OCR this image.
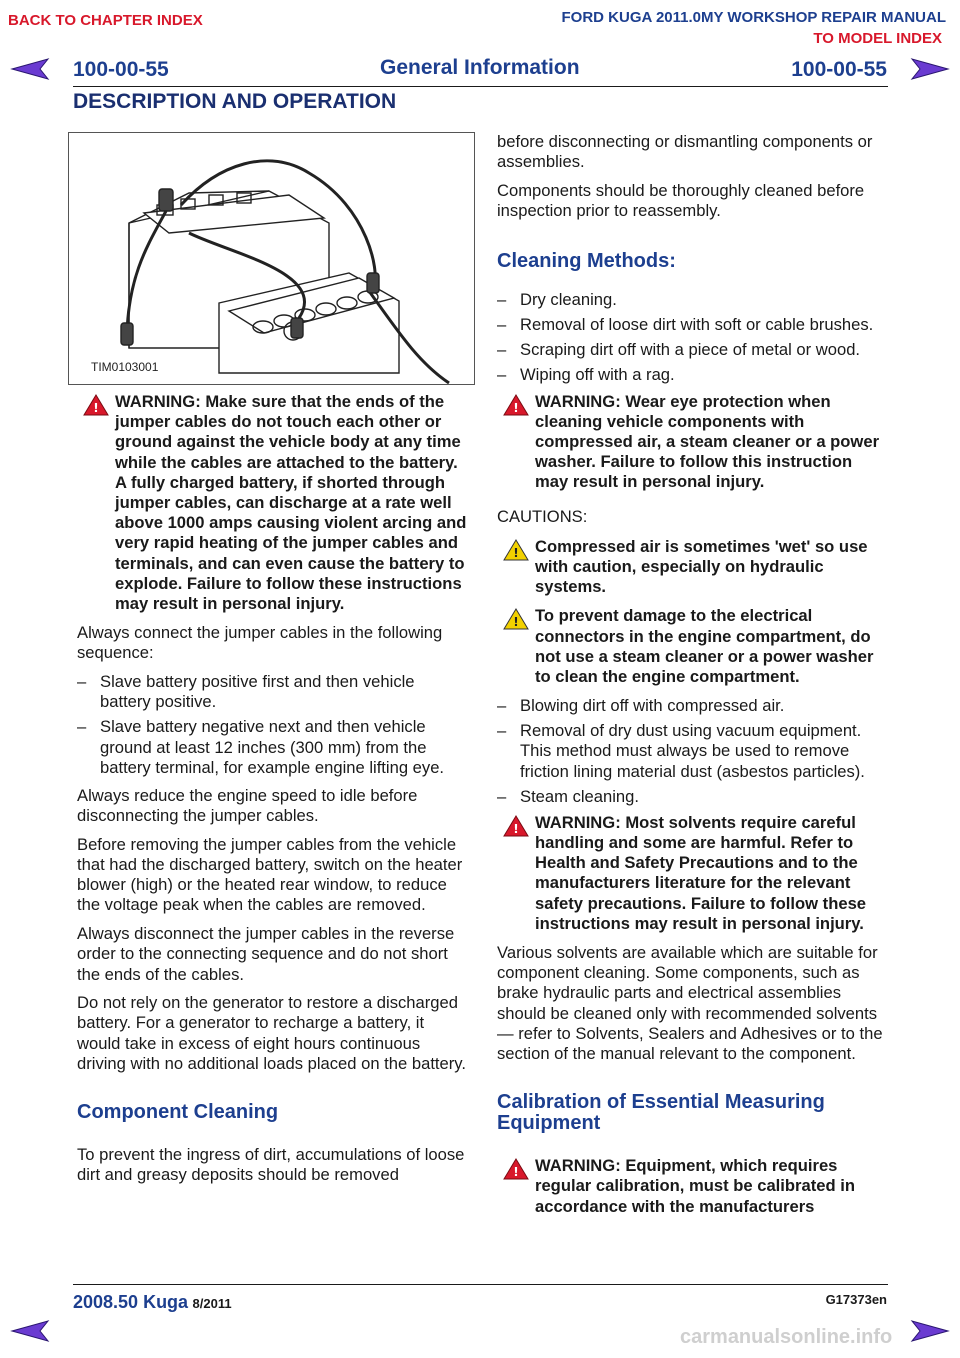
BACK TO CHAPTER INDEX	FORD KUGA 2011.0MY WORKSHOP REPAIR MANUAL
TO MODEL INDEX
100-00-55	General Information	100-00-55
DESCRIPTION AND OPERATION
TIM0103001
! WARNING: Make sure that the ends of the jumper cables do not touch each other or ground against the vehicle body at any time while the cables are attached to the battery. A fully charged battery, if shorted through jumper cables, can discharge at a rate well above 1000 amps causing violent arcing and very rapid heating of the jumper cables and terminals, and can even cause the battery to explode. Failure to follow these instructions may result in personal injury.

Always connect the jumper cables in the following sequence:

– Slave battery positive first and then vehicle battery positive.
– Slave battery negative next and then vehicle ground at least 12 inches (300 mm) from the battery terminal, for example engine lifting eye.

Always reduce the engine speed to idle before disconnecting the jumper cables.

Before removing the jumper cables from the vehicle that had the discharged battery, switch on the heater blower (high) or the heated rear window, to reduce the voltage peak when the cables are removed.

Always disconnect the jumper cables in the reverse order to the connecting sequence and do not short the ends of the cables.

Do not rely on the generator to restore a discharged battery. For a generator to recharge a battery, it would take in excess of eight hours continuous driving with no additional loads placed on the battery.

Component Cleaning

To prevent the ingress of dirt, accumulations of loose dirt and greasy deposits should be removed

before disconnecting or dismantling components or assemblies.

Components should be thoroughly cleaned before inspection prior to reassembly.

Cleaning Methods:
– Dry cleaning.
– Removal of loose dirt with soft or cable brushes.
– Scraping dirt off with a piece of metal or wood.
– Wiping off with a rag.
! WARNING: Wear eye protection when cleaning vehicle components with compressed air, a steam cleaner or a power washer. Failure to follow this instruction may result in personal injury.
CAUTIONS:
! Compressed air is sometimes 'wet' so use with caution, especially on hydraulic systems.
! To prevent damage to the electrical connectors in the engine compartment, do not use a steam cleaner or a power washer to clean the engine compartment.
– Blowing dirt off with compressed air.
– Removal of dry dust using vacuum equipment. This method must always be used to remove friction lining material dust (asbestos particles).
– Steam cleaning.
! WARNING: Most solvents require careful handling and some are harmful. Refer to Health and Safety Precautions and to the manufacturers literature for the relevant safety precautions. Failure to follow these instructions may result in personal injury.

Various solvents are available which are suitable for component cleaning. Some components, such as brake hydraulic parts and electrical assemblies should be cleaned only with recommended solvents — refer to Solvents, Sealers and Adhesives or to the section of the manual relevant to the component.

Calibration of Essential Measuring Equipment
! WARNING: Equipment, which requires regular calibration, must be calibrated in accordance with the manufacturers
2008.50 Kuga 8/2011	G17373en
carmanualsonline.info
